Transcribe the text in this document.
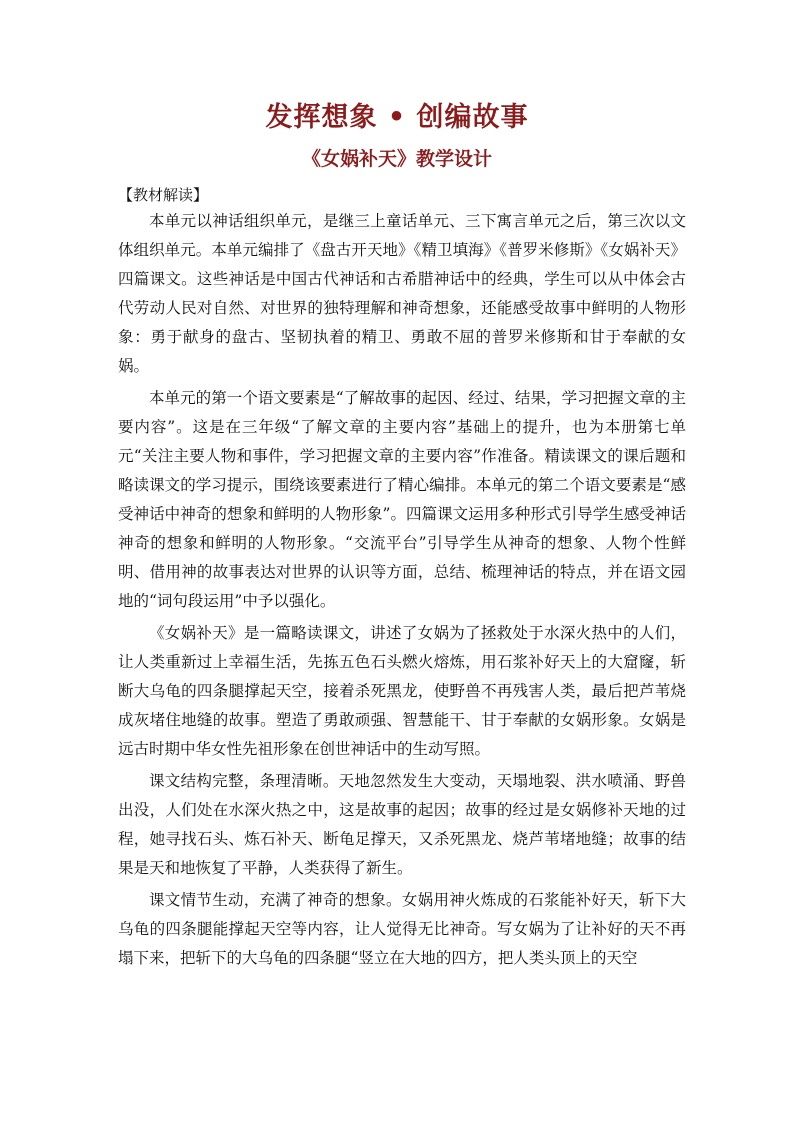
发挥想象 • 创编故事
《女娲补天》教学设计
【教材解读】

本单元以神话组织单元，是继三上童话单元、三下寓言单元之后，第三次以文体组织单元。本单元编排了《盘古开天地》《精卫填海》《普罗米修斯》《女娲补天》四篇课文。这些神话是中国古代神话和古希腊神话中的经典，学生可以从中体会古代劳动人民对自然、对世界的独特理解和神奇想象，还能感受故事中鲜明的人物形象：勇于献身的盘古、坚韧执着的精卫、勇敢不屈的普罗米修斯和甘于奉献的女娲。

本单元的第一个语文要素是“了解故事的起因、经过、结果，学习把握文章的主要内容”。这是在三年级“了解文章的主要内容”基础上的提升，也为本册第七单元“关注主要人物和事件，学习把握文章的主要内容”作准备。精读课文的课后题和略读课文的学习提示，围绕该要素进行了精心编排。本单元的第二个语文要素是“感受神话中神奇的想象和鲜明的人物形象”。四篇课文运用多种形式引导学生感受神话神奇的想象和鲜明的人物形象。“交流平台”引导学生从神奇的想象、人物个性鲜明、借用神的故事表达对世界的认识等方面，总结、梳理神话的特点，并在语文园地的“词句段运用”中予以强化。

《女娲补天》是一篇略读课文，讲述了女娲为了拯救处于水深火热中的人们，让人类重新过上幸福生活，先拣五色石头燃火熔炼，用石浆补好天上的大窟窿，斩断大乌龟的四条腿撑起天空，接着杀死黑龙，使野兽不再残害人类，最后把芦苇烧成灰堵住地缝的故事。塑造了勇敢顽强、智慧能干、甘于奉献的女娲形象。女娲是远古时期中华女性先祖形象在创世神话中的生动写照。

课文结构完整，条理清晰。天地忽然发生大变动，天塌地裂、洪水喷涌、野兽出没，人们处在水深火热之中，这是故事的起因；故事的经过是女娲修补天地的过程，她寻找石头、炼石补天、断龟足撑天，又杀死黑龙、烧芦苇堵地缝；故事的结果是天和地恢复了平静，人类获得了新生。

课文情节生动，充满了神奇的想象。女娲用神火炼成的石浆能补好天，斩下大乌龟的四条腿能撑起天空等内容，让人觉得无比神奇。写女娲为了让补好的天不再塌下来，把斩下的大乌龟的四条腿“竖立在大地的四方，把人类头顶上的天空
